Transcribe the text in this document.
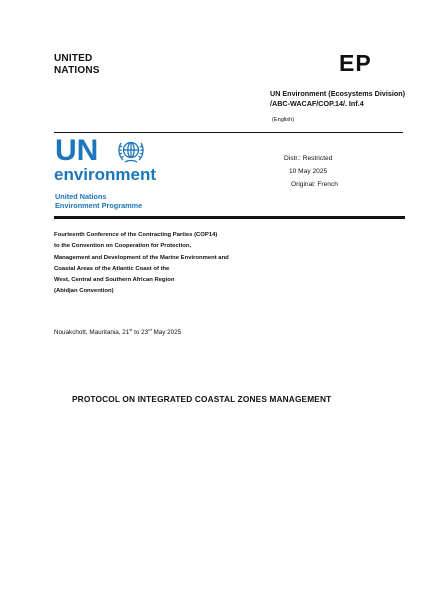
UNITED
NATIONS	EP
UN Environment (Ecosystems Division)
/ABC-WACAF/COP.14/. Inf.4
(English)
UN
environment
United Nations
Environment Programme
Distr.: Restricted
10 May 2025
Original: French
Fourteenth Conference of the Contracting Parties (COP14)
to the Convention on Cooperation for Protection,
Management and Development of the Marine Environment and
Coastal Areas of the Atlantic Coast of the
West, Central and Southern African Region
(Abidjan Convention)
Nouakchott, Mauritania, 21st to 23rd May 2025
PROTOCOL ON INTEGRATED COASTAL ZONES MANAGEMENT
